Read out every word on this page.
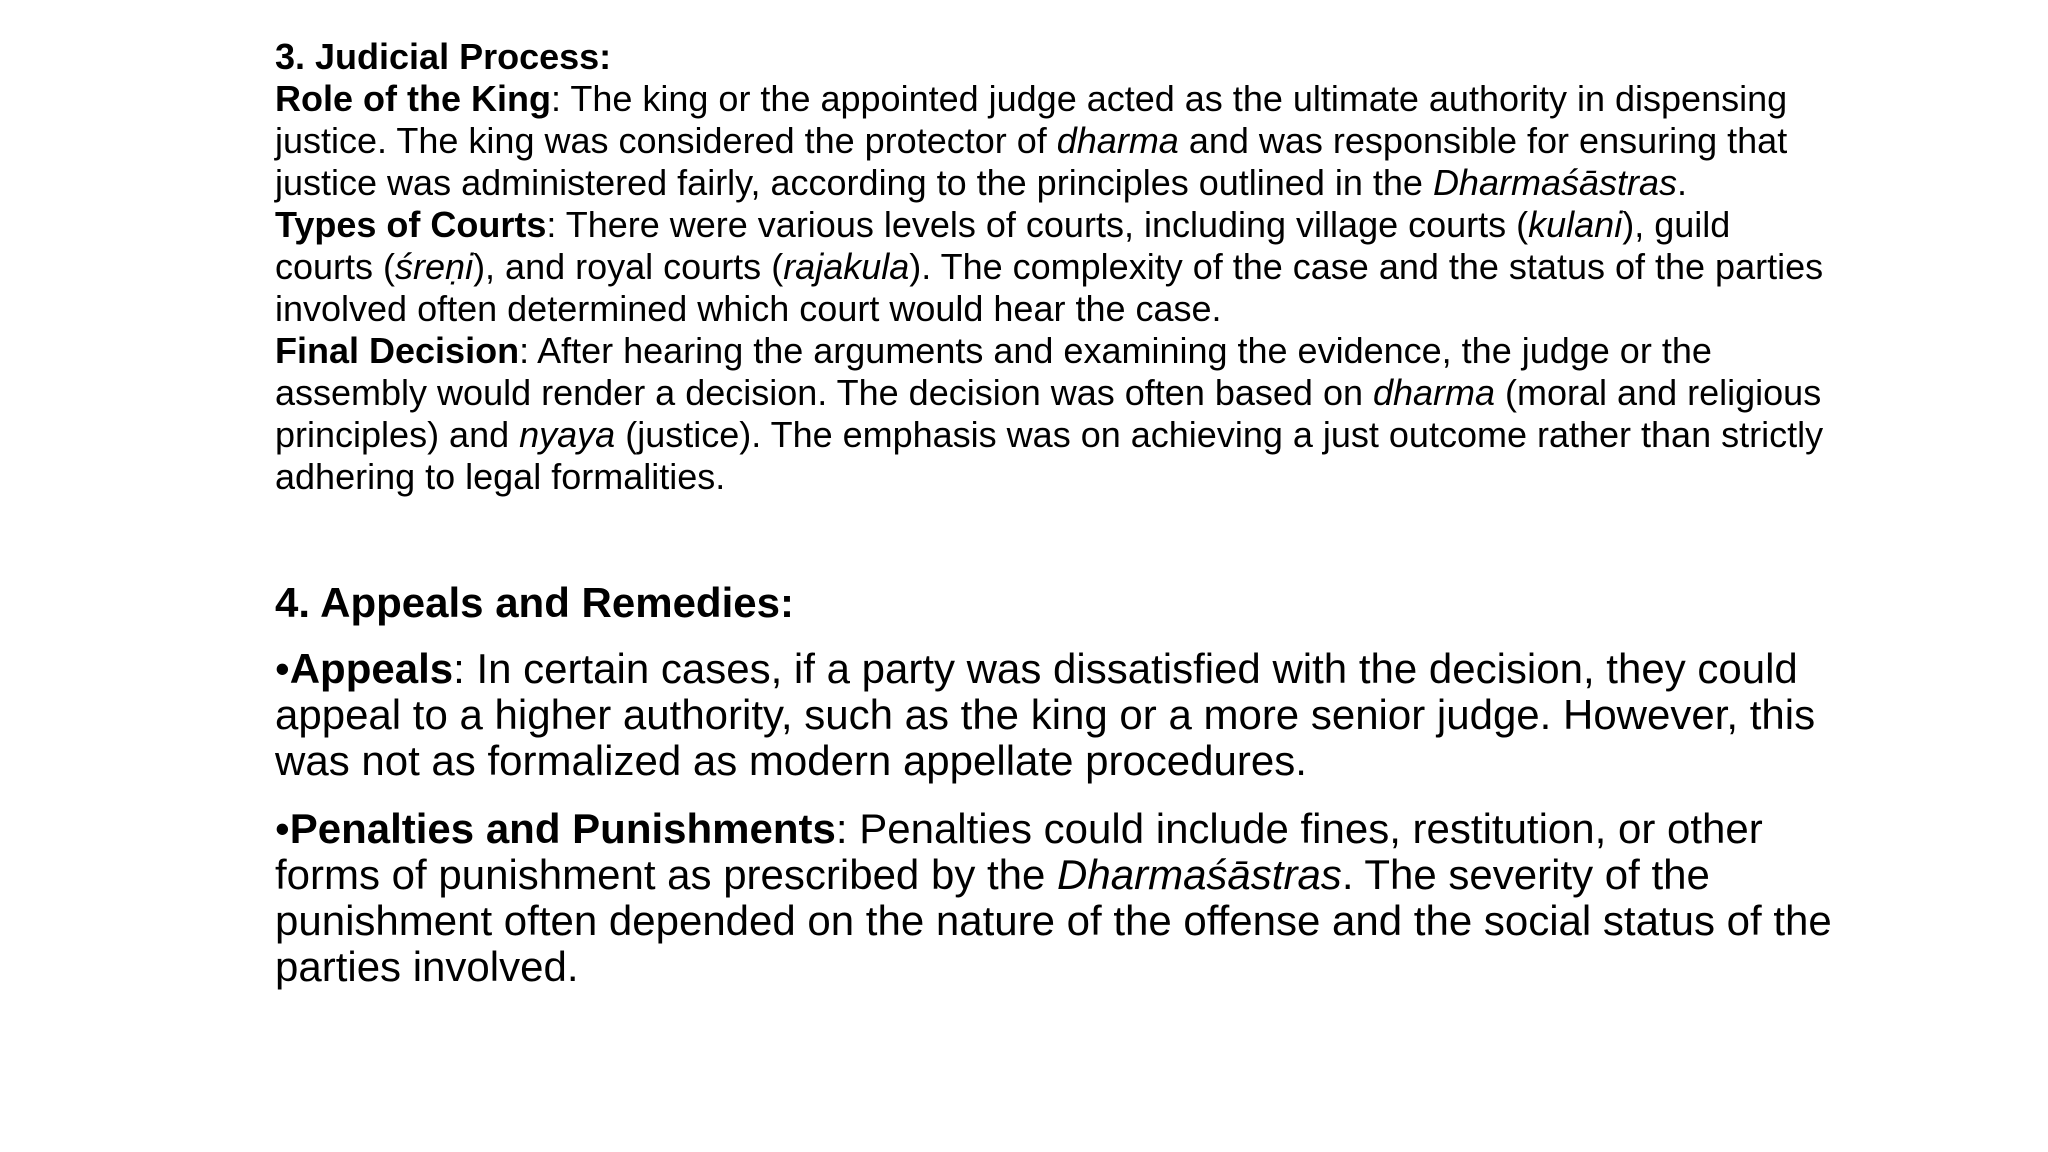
3. Judicial Process:

Role of the King: The king or the appointed judge acted as the ultimate authority in dispensing justice. The king was considered the protector of dharma and was responsible for ensuring that justice was administered fairly, according to the principles outlined in the Dharmaśāstras.

Types of Courts: There were various levels of courts, including village courts (kulani), guild courts (śreṇi), and royal courts (rajakula). The complexity of the case and the status of the parties involved often determined which court would hear the case.

Final Decision: After hearing the arguments and examining the evidence, the judge or the assembly would render a decision. The decision was often based on dharma (moral and religious principles) and nyaya (justice). The emphasis was on achieving a just outcome rather than strictly adhering to legal formalities.

4. Appeals and Remedies:

•Appeals: In certain cases, if a party was dissatisfied with the decision, they could appeal to a higher authority, such as the king or a more senior judge. However, this was not as formalized as modern appellate procedures.

•Penalties and Punishments: Penalties could include fines, restitution, or other forms of punishment as prescribed by the Dharmaśāstras. The severity of the punishment often depended on the nature of the offense and the social status of the parties involved.
